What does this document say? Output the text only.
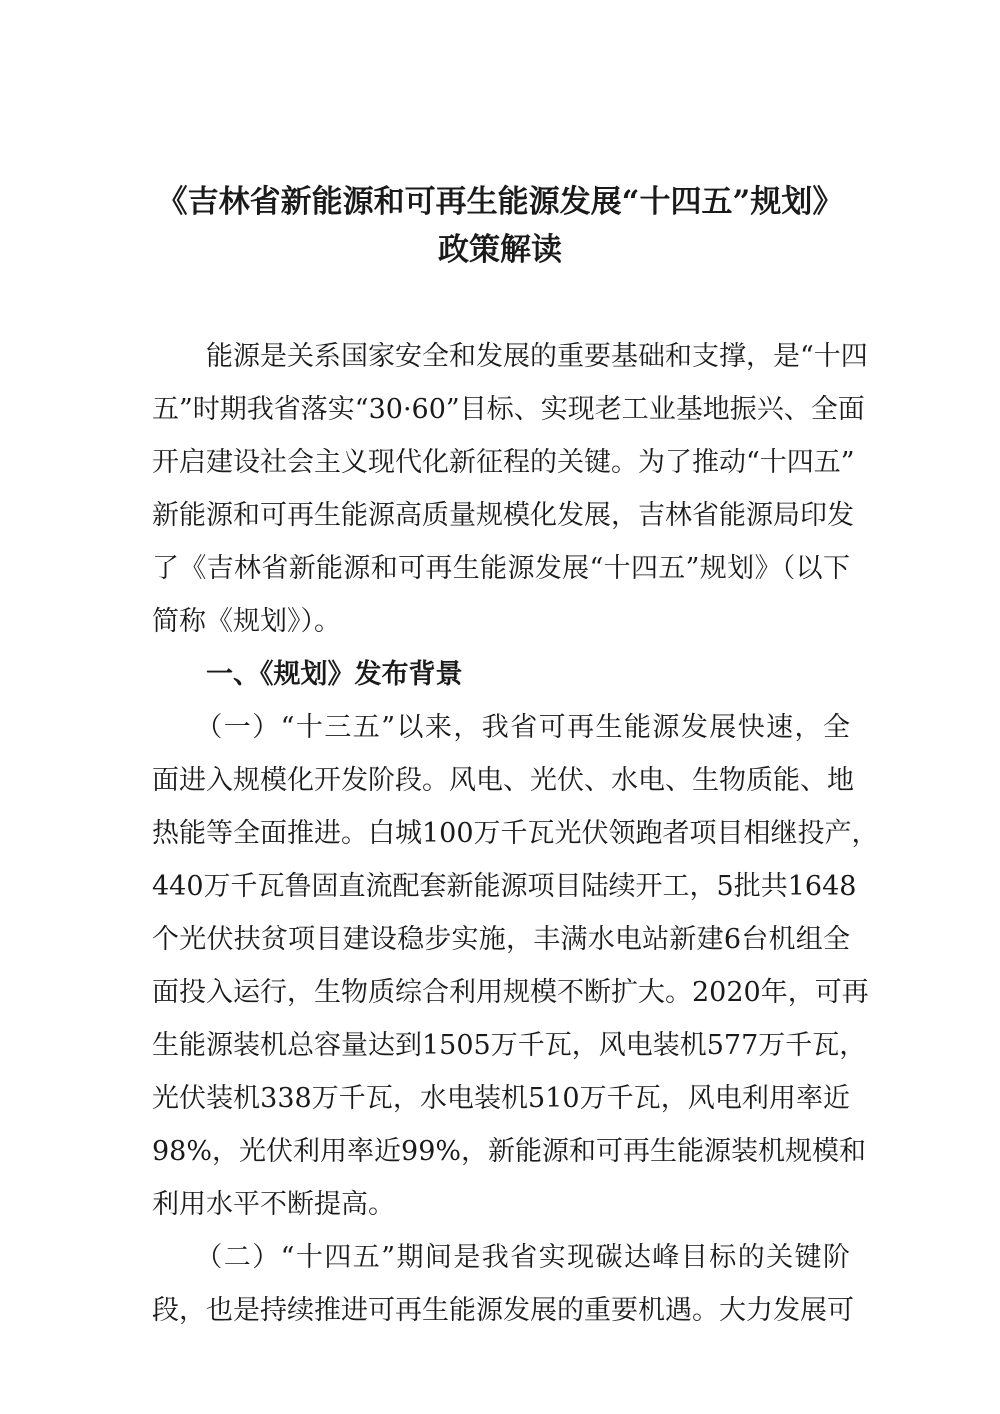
《吉林省新能源和可再生能源发展“十四五”规划》
政策解读
　　能源是关系国家安全和发展的重要基础和支撑，是“十四
五”时期我省落实“30·60”目标、实现老工业基地振兴、全面
开启建设社会主义现代化新征程的关键。为了推动“十四五”
新能源和可再生能源高质量规模化发展，吉林省能源局印发
了《吉林省新能源和可再生能源发展“十四五”规划》（以下
简称《规划》）。
　　一、《规划》发布背景
　　（一）“十三五”以来，我省可再生能源发展快速，全
面进入规模化开发阶段。风电、光伏、水电、生物质能、地
热能等全面推进。白城100万千瓦光伏领跑者项目相继投产，
440万千瓦鲁固直流配套新能源项目陆续开工，5批共1648
个光伏扶贫项目建设稳步实施，丰满水电站新建6台机组全
面投入运行，生物质综合利用规模不断扩大。2020年，可再
生能源装机总容量达到1505万千瓦，风电装机577万千瓦，
光伏装机338万千瓦，水电装机510万千瓦，风电利用率近
98%，光伏利用率近99%，新能源和可再生能源装机规模和
利用水平不断提高。
　　（二）“十四五”期间是我省实现碳达峰目标的关键阶
段，也是持续推进可再生能源发展的重要机遇。大力发展可
